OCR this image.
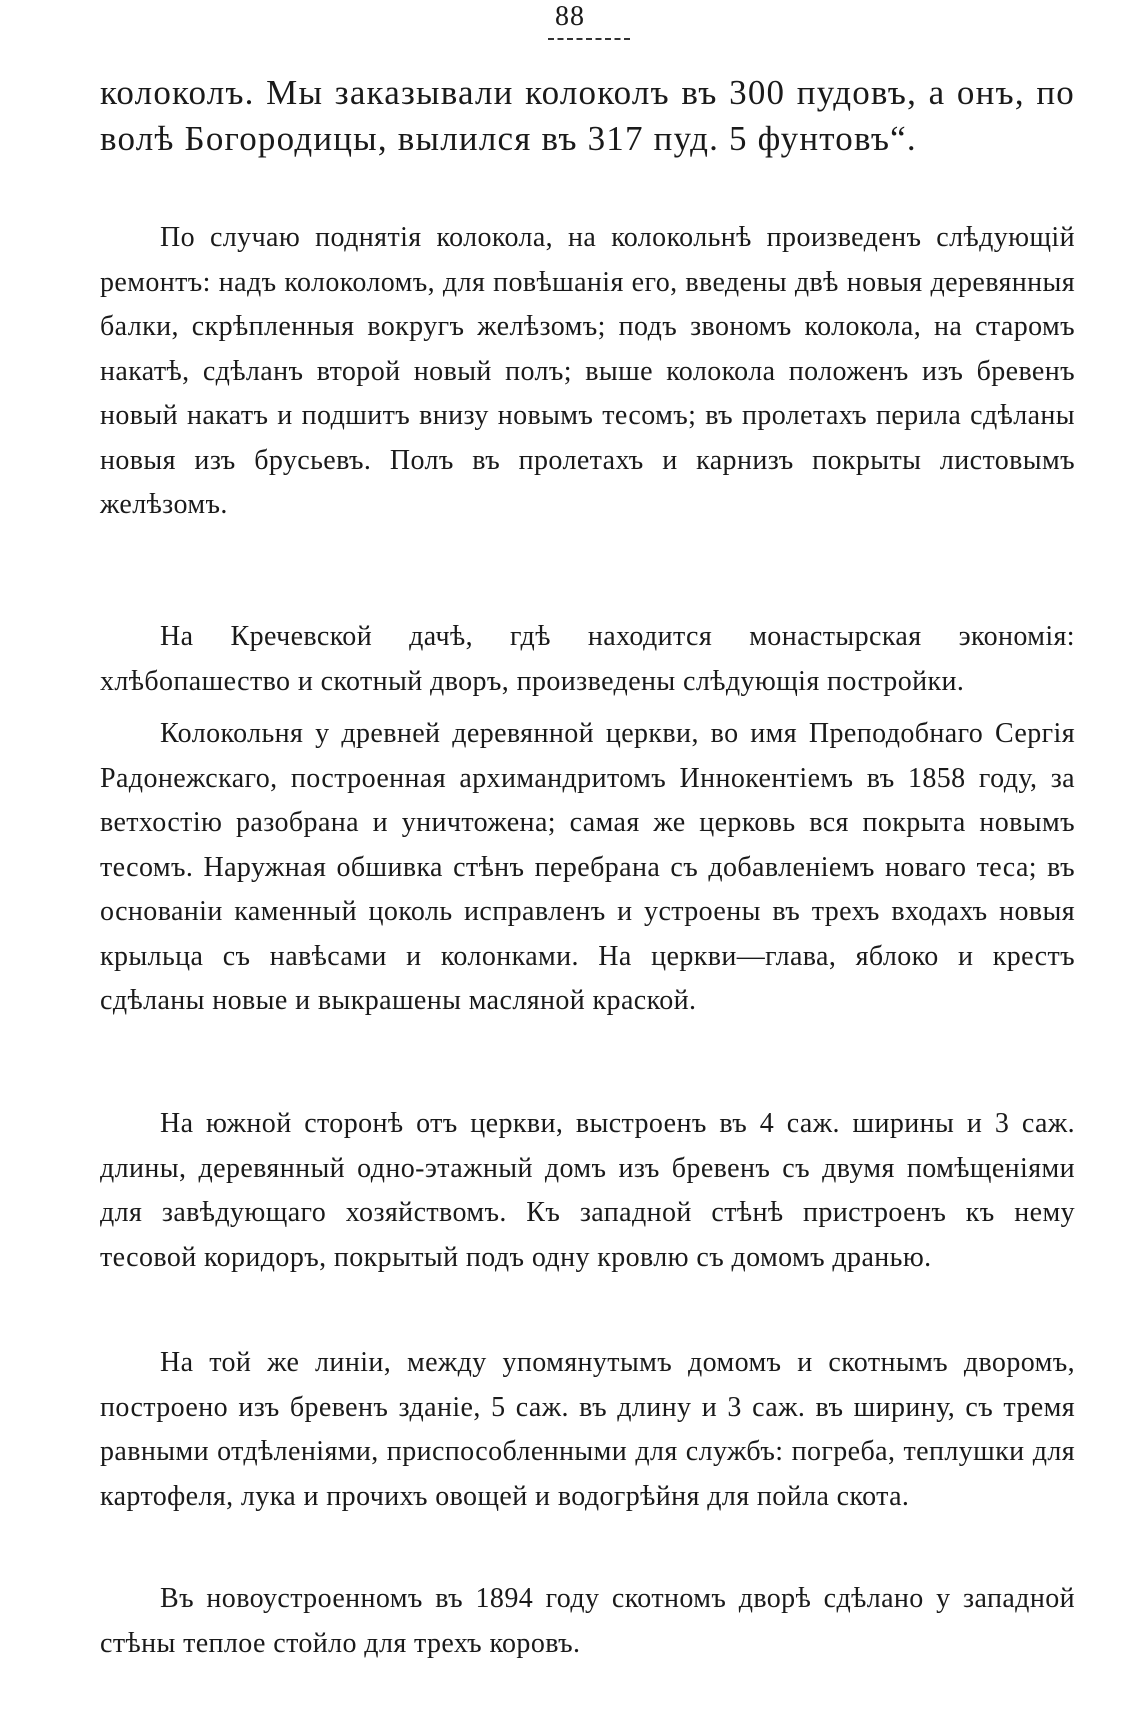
88

колоколъ. Мы заказывали колоколъ въ 300 пудовъ, а онъ, по волѣ Богородицы, вылился въ 317 пуд. 5 фунтовъ“.

По случаю поднятія колокола, на колокольнѣ произведенъ слѣдующій ремонтъ: надъ колоколомъ, для повѣшанія его, введены двѣ новыя деревянныя балки, скрѣпленныя вокругъ желѣзомъ; подъ звономъ колокола, на старомъ накатѣ, сдѣланъ второй новый полъ; выше колокола положенъ изъ бревенъ новый накатъ и подшитъ внизу новымъ тесомъ; въ пролетахъ перила сдѣланы новыя изъ брусьевъ. Полъ въ пролетахъ и карнизъ покрыты листовымъ желѣзомъ.

На Кречевской дачѣ, гдѣ находится монастырская экономія: хлѣбопашество и скотный дворъ, произведены слѣдующія постройки.

Колокольня у древней деревянной церкви, во имя Преподобнаго Сергія Радонежскаго, построенная архимандритомъ Иннокентіемъ въ 1858 году, за ветхостію разобрана и уничтожена; самая же церковь вся покрыта новымъ тесомъ. Наружная обшивка стѣнъ перебрана съ добавленіемъ новаго теса; въ основаніи каменный цоколь исправленъ и устроены въ трехъ входахъ новыя крыльца съ навѣсами и колонками. На церкви—глава, яблоко и крестъ сдѣланы новые и выкрашены масляной краской.

На южной сторонѣ отъ церкви, выстроенъ въ 4 саж. ширины и 3 саж. длины, деревянный одно-этажный домъ изъ бревенъ съ двумя помѣщеніями для завѣдующаго хозяйствомъ. Къ западной стѣнѣ пристроенъ къ нему тесовой коридоръ, покрытый подъ одну кровлю съ домомъ дранью.

На той же линіи, между упомянутымъ домомъ и скотнымъ дворомъ, построено изъ бревенъ зданіе, 5 саж. въ длину и 3 саж. въ ширину, съ тремя равными отдѣленіями, приспособленными для службъ: погреба, теплушки для картофеля, лука и прочихъ овощей и водогрѣйня для пойла скота.

Въ новоустроенномъ въ 1894 году скотномъ дворѣ сдѣлано у западной стѣны теплое стойло для трехъ коровъ.
